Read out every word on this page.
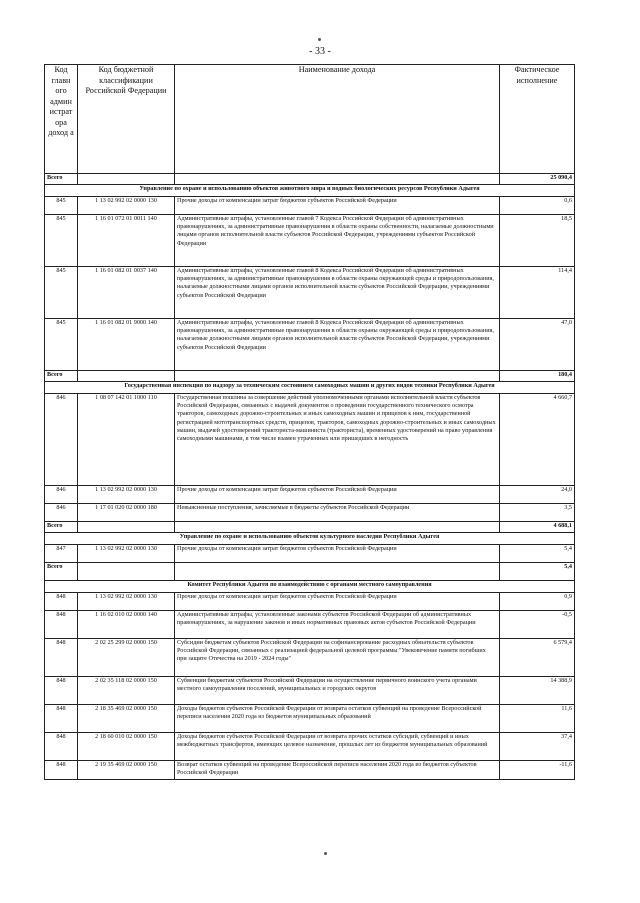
- 33 -
Код главн ого админ истрат ора доход а	Код бюджетной классификации Российской Федерации	Наименование дохода	Фактическое исполнение
Всего			25 090,4
Управление по охране и использованию объектов животного мира и водных биологических ресурсов Республики Адыгея			
845	1 13 02 992 02 0000 130	Прочие доходы от компенсации затрат бюджетов субъектов Российской Федерации	0,6
845	1 16 01 072 01 0011 140	Административные штрафы, установленные главой 7 Кодекса Российской Федерации об административных правонарушениях, за административные правонарушения в области охраны собственности, налагаемые должностными лицами органов исполнительной власти субъектов Российской Федерации, учреждениями субъектов Российской Федерации	18,5
845	1 16 01 082 01 0037 140	Административные штрафы, установленные главой 8 Кодекса Российской Федерации об административных правонарушениях, за административные правонарушения в области охраны окружающей среды и природопользования, налагаемые должностными лицами органов исполнительной власти субъектов Российской Федерации, учреждениями субъектов Российской Федерации	114,4
845	1 16 01 082 01 9000 140	Административные штрафы, установленные главой 8 Кодекса Российской Федерации об административных правонарушениях, за административные правонарушения в области охраны окружающей среды и природопользования, налагаемые должностными лицами органов исполнительной власти субъектов Российской Федерации, учреждениями субъектов Российской Федерации	47,0
Всего			180,4
Государственная инспекция по надзору за техническим состоянием самоходных машин и других видов техники Республики Адыгея			
846	1 08 07 142 01 1000 110	Государственная пошлина за совершение действий уполномоченными органами исполнительной власти субъектов Российской Федерации, связанных с выдачей документов о проведении государственного технического осмотра тракторов, самоходных дорожно-строительных и иных самоходных машин и прицепов к ним, государственной регистрацией мототранспортных средств, прицепов, тракторов, самоходных дорожно-строительных и иных самоходных машин, выдачей удостоверений тракториста-машиниста (тракториста), временных удостоверений на право управления самоходными машинами, в том числе взамен утраченных или пришедших в негодность	4 660,7
846	1 13 02 992 02 0000 130	Прочие доходы от компенсации затрат бюджетов субъектов Российской Федерации	24,0
846	1 17 01 020 02 0000 180	Невыясненные поступления, зачисляемые в бюджеты субъектов Российской Федерации	3,5
Всего			4 688,1
Управление по охране и использованию объектов культурного наследия Республики Адыгея			
847	1 13 02 992 02 0000 130	Прочие доходы от компенсации затрат бюджетов субъектов Российской Федерации	5,4
Всего			5,4
Комитет Республики Адыгея по взаимодействию с органами местного самоуправления			
848	1 13 02 992 02 0000 130	Прочие доходы от компенсации затрат бюджетов субъектов Российской Федерации	0,9
848	1 16 02 010 02 0000 140	Административные штрафы, установленные законами субъектов Российской Федерации об административных правонарушениях, за нарушение законов и иных нормативных правовых актов субъектов Российской Федерации	-0,5
848	2 02 25 299 02 0000 150	Субсидии бюджетам субъектов Российской Федерации на софинансирование расходных обязательств субъектов Российской Федерации, связанных с реализацией федеральной целевой программы "Увековечение памяти погибших при защите Отечества на 2019 - 2024 годы"	6 579,4
848	2 02 35 118 02 0000 150	Субвенции бюджетам субъектов Российской Федерации на осуществление первичного воинского учета органами местного самоуправления поселений, муниципальных и городских округов	14 388,9
848	2 18 35 469 02 0000 150	Доходы бюджетов субъектов Российской Федерации от возврата остатков субвенций на проведение Всероссийской переписи населения 2020 года из бюджетов муниципальных образований	11,6
848	2 18 60 010 02 0000 150	Доходы бюджетов субъектов Российской Федерации от возврата прочих остатков субсидий, субвенций и иных межбюджетных трансфертов, имеющих целевое назначение, прошлых лет из бюджетов муниципальных образований	37,4
848	2 19 35 469 02 0000 150	Возврат остатков субвенций на проведение Всероссийской переписи населения 2020 года из бюджетов субъектов Российской Федерации	-11,6
